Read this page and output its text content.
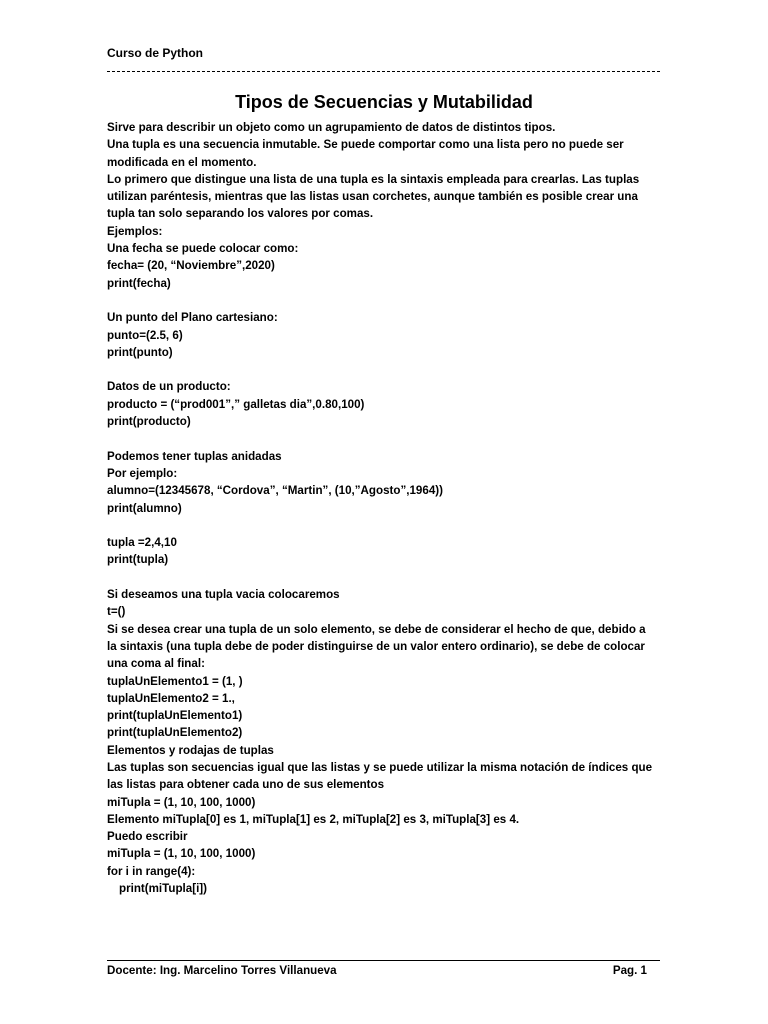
Curso de Python
Tipos de Secuencias y Mutabilidad
Sirve para describir un objeto como un agrupamiento de datos de distintos tipos.
Una tupla es una secuencia inmutable. Se puede comportar como una lista pero no puede ser
modificada en el momento.
Lo primero que distingue una lista de una tupla es la sintaxis empleada para crearlas. Las tuplas
utilizan paréntesis, mientras que las listas usan corchetes, aunque también es posible crear una
tupla tan solo separando los valores por comas.
Ejemplos:
Una fecha se puede colocar como:
fecha= (20, “Noviembre”,2020)
print(fecha)
Un punto del Plano cartesiano:
punto=(2.5, 6)
print(punto)
Datos de un producto:
producto = (“prod001”,” galletas dia”,0.80,100)
print(producto)
Podemos tener tuplas anidadas
Por ejemplo:
alumno=(12345678, “Cordova”, “Martin”, (10,”Agosto”,1964))
print(alumno)
tupla =2,4,10
print(tupla)
Si deseamos una tupla vacia colocaremos
t=()
Si se desea crear una tupla de un solo elemento, se debe de considerar el hecho de que, debido a
la sintaxis (una tupla debe de poder distinguirse de un valor entero ordinario), se debe de colocar
una coma al final:
tuplaUnElemento1 = (1, )
tuplaUnElemento2 = 1.,
print(tuplaUnElemento1)
print(tuplaUnElemento2)
Elementos y rodajas de tuplas
Las tuplas son secuencias igual que las listas y se puede utilizar la misma notación de índices que
las listas para obtener cada uno de sus elementos
miTupla = (1, 10, 100, 1000)
Elemento miTupla[0] es 1, miTupla[1] es 2, miTupla[2] es 3, miTupla[3] es 4.
Puedo escribir
miTupla = (1, 10, 100, 1000)
for i in range(4):
print(miTupla[i])
Docente: Ing. Marcelino Torres Villanueva	Pag. 1
